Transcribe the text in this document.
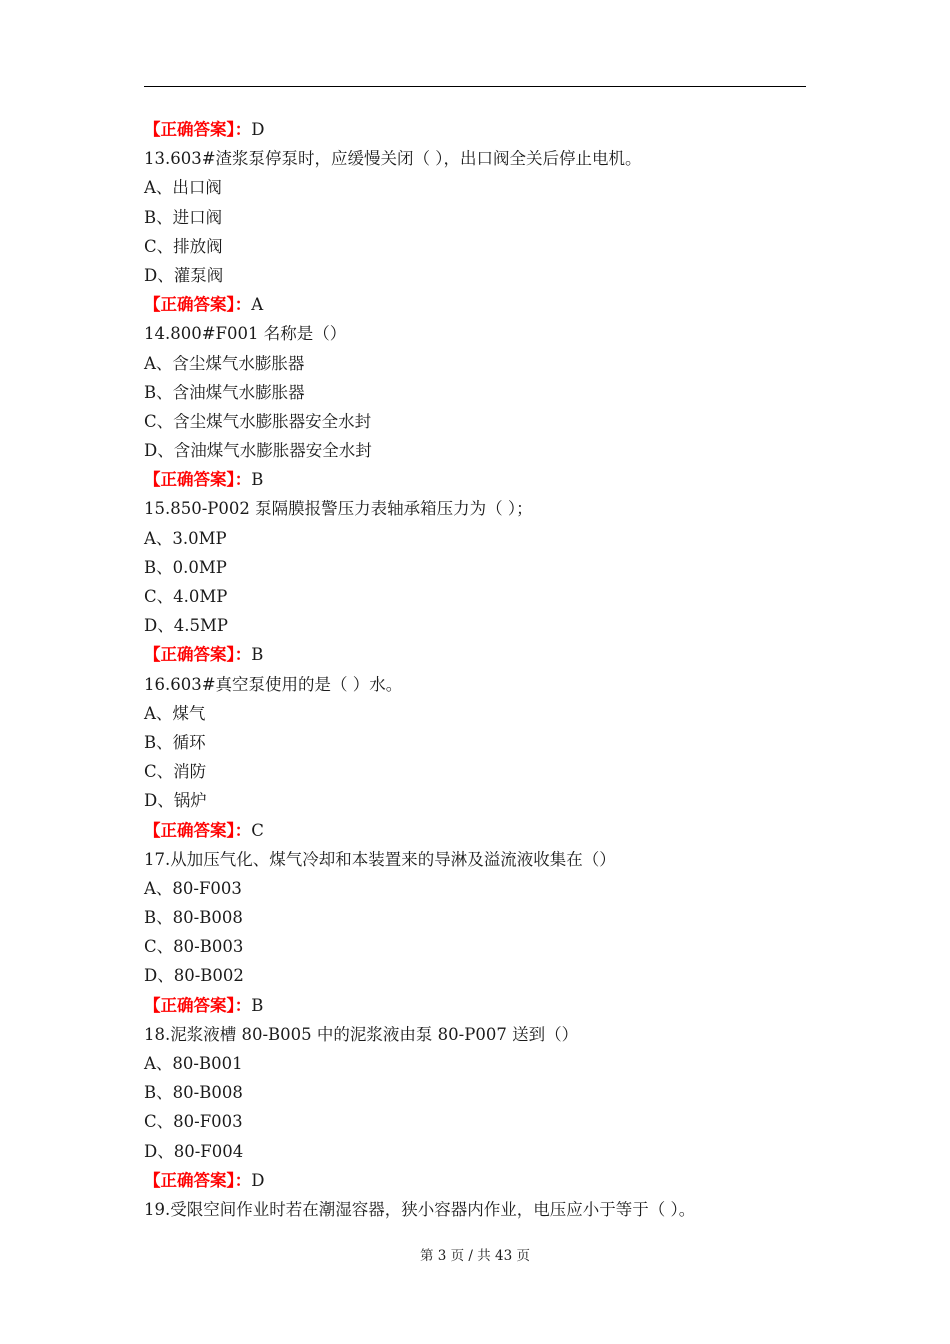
【正确答案】：D
13.603#渣浆泵停泵时，应缓慢关闭（ ），出口阀全关后停止电机。
A、出口阀
B、进口阀
C、排放阀
D、灌泵阀
【正确答案】：A
14.800#F001 名称是（）
A、含尘煤气水膨胀器
B、含油煤气水膨胀器
C、含尘煤气水膨胀器安全水封
D、含油煤气水膨胀器安全水封
【正确答案】：B
15.850-P002 泵隔膜报警压力表轴承箱压力为（ ）；
A、3.0MP
B、0.0MP
C、4.0MP
D、4.5MP
【正确答案】：B
16.603#真空泵使用的是（ ）水。
A、煤气
B、循环
C、消防
D、锅炉
【正确答案】：C
17.从加压气化、煤气冷却和本装置来的导淋及溢流液收集在（）
A、80-F003
B、80-B008
C、80-B003
D、80-B002
【正确答案】：B
18.泥浆液槽 80-B005 中的泥浆液由泵 80-P007 送到（）
A、80-B001
B、80-B008
C、80-F003
D、80-F004
【正确答案】：D
19.受限空间作业时若在潮湿容器，狭小容器内作业，电压应小于等于（ ）。
第 3 页 / 共 43 页
